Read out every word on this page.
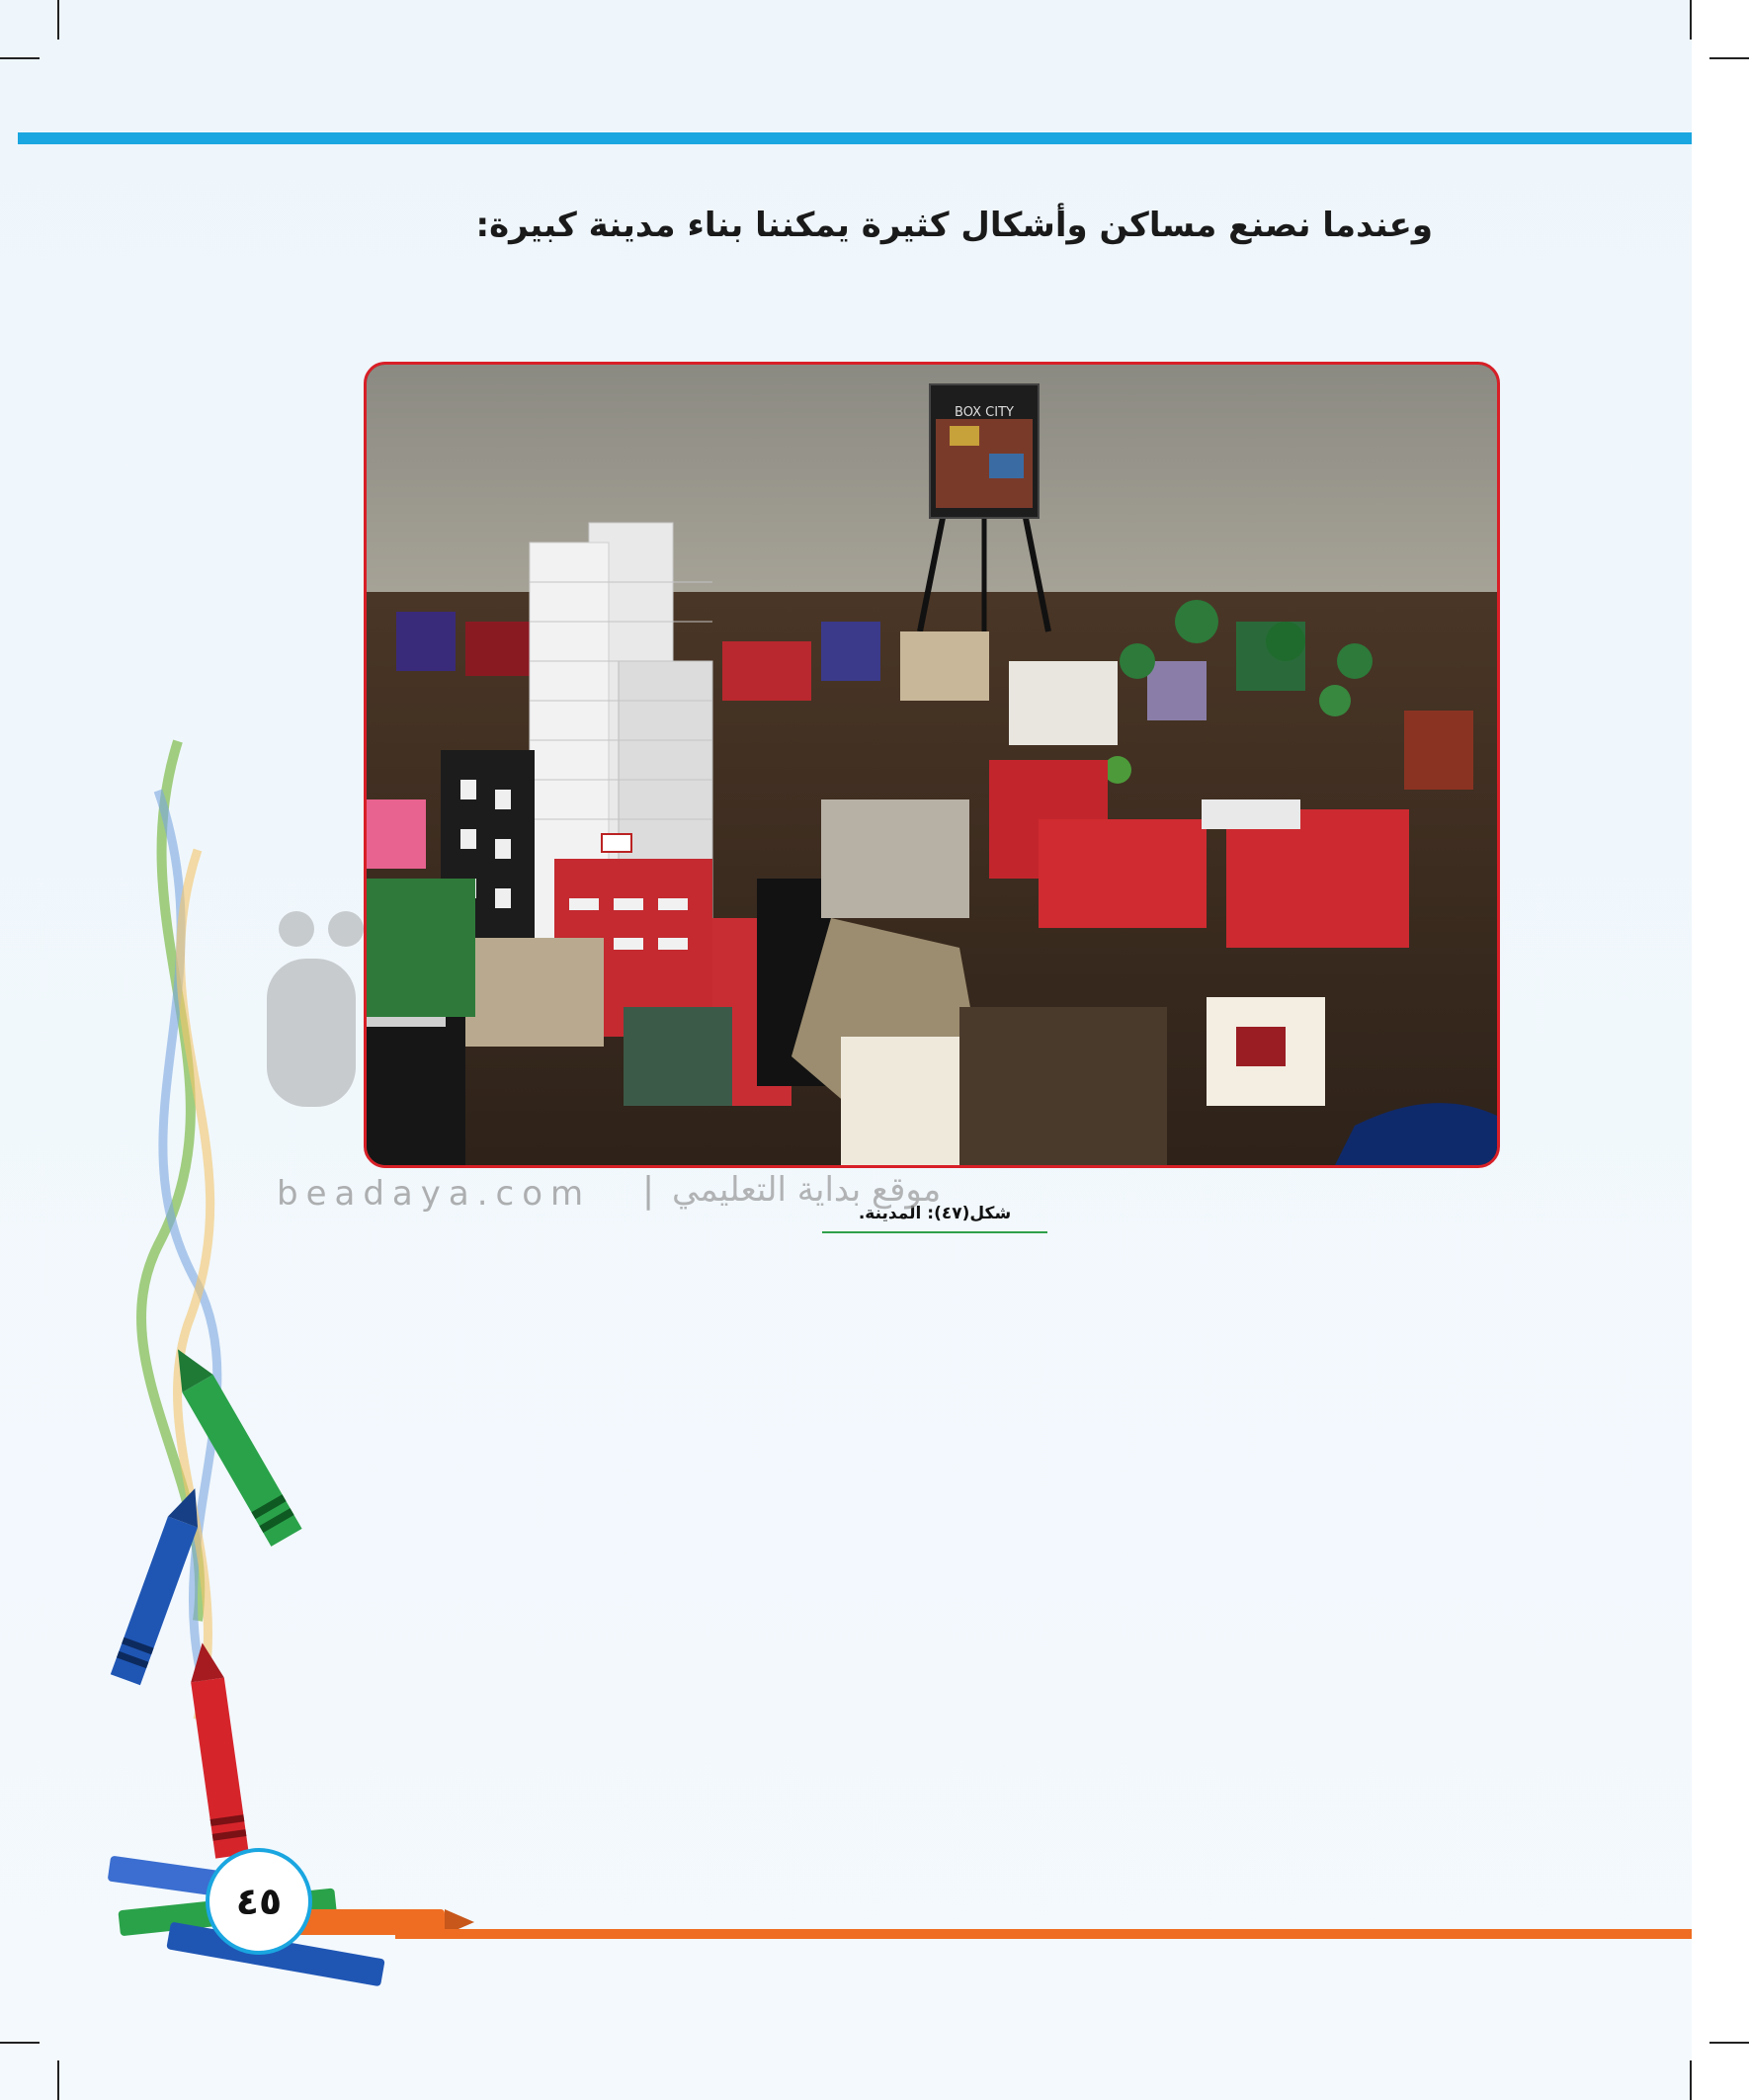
وعندما نصنع مساكن وأشكال كثيرة يمكننا بناء مدينة كبيرة:
BOX CITY
شكل(٤٧): المدينة.
beadaya.com | موقع بداية التعليمي
٤٥
